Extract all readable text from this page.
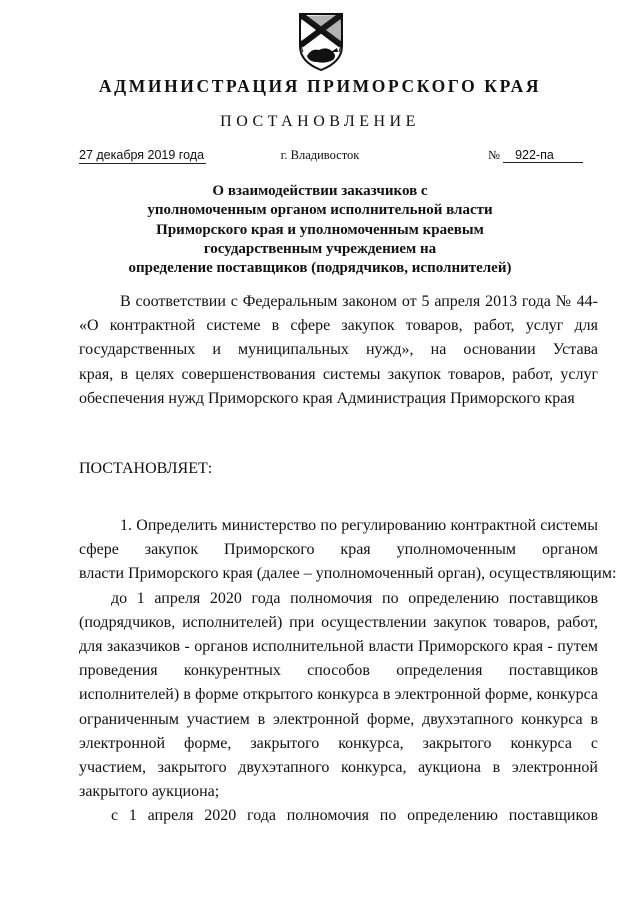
АДМИНИСТРАЦИЯ ПРИМОРСКОГО КРАЯ
ПОСТАНОВЛЕНИЕ
27 декабря 2019 года	г. Владивосток	№ 922-па
О взаимодействии заказчиков с
уполномоченным органом исполнительной власти
Приморского края и уполномоченным краевым
государственным учреждением на
определение поставщиков (подрядчиков, исполнителей)
В соответствии с Федеральным законом от 5 апреля 2013 года № 44-
«О контрактной системе в сфере закупок товаров, работ, услуг для
государственных и муниципальных нужд», на основании Устава
края, в целях совершенствования системы закупок товаров, работ, услуг
обеспечения нужд Приморского края Администрация Приморского края
ПОСТАНОВЛЯЕТ:
1. Определить министерство по регулированию контрактной системы
сфере закупок Приморского края уполномоченным органом
власти Приморского края (далее – уполномоченный орган), осуществляющим:
до 1 апреля 2020 года полномочия по определению поставщиков
(подрядчиков, исполнителей) при осуществлении закупок товаров, работ,
для заказчиков - органов исполнительной власти Приморского края - путем
проведения конкурентных способов определения поставщиков
исполнителей) в форме открытого конкурса в электронной форме, конкурса
ограниченным участием в электронной форме, двухэтапного конкурса в
электронной форме, закрытого конкурса, закрытого конкурса с
участием, закрытого двухэтапного конкурса, аукциона в электронной
закрытого аукциона;
с 1 апреля 2020 года полномочия по определению поставщиков
